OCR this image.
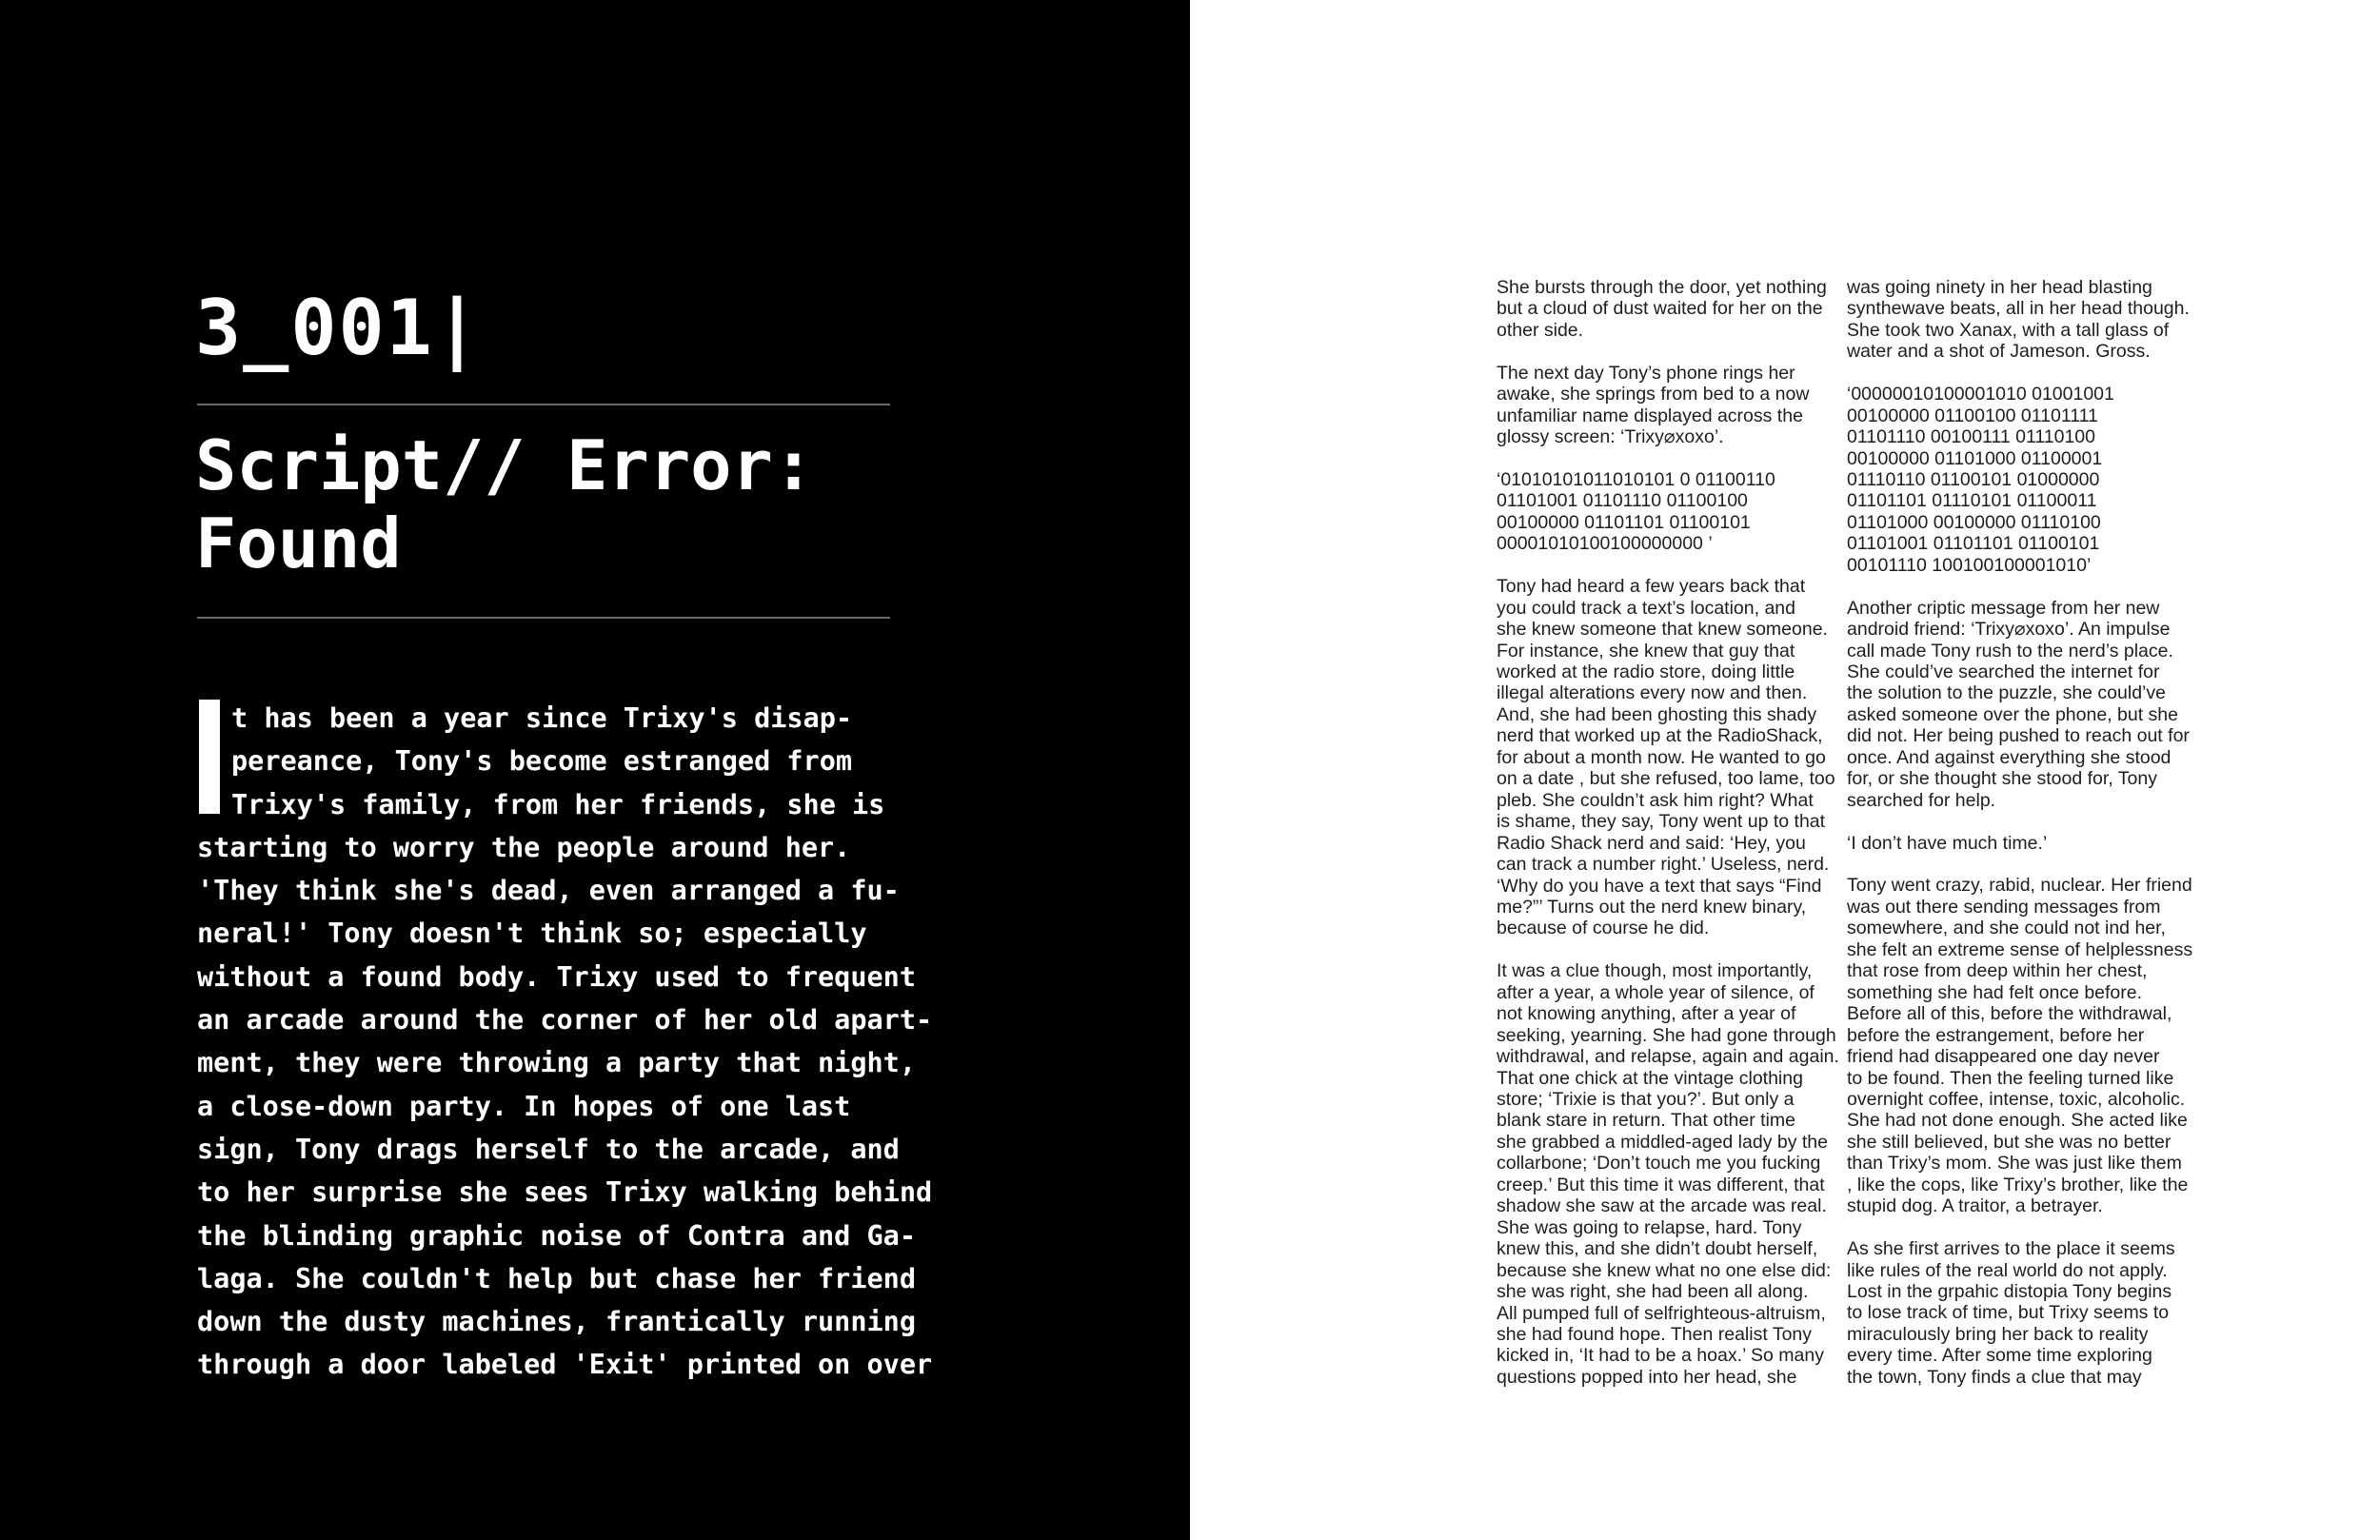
3_001|
Script// Error:
Found
t has been a year since Trixy's disap-
pereance, Tony's become estranged from
Trixy's family, from her friends, she is
starting to worry the people around her.
'They think she's dead, even arranged a fu-
neral!' Tony doesn't think so; especially
without a found body. Trixy used to frequent
an arcade around the corner of her old apart-
ment, they were throwing a party that night,
a close-down party. In hopes of one last
sign, Tony drags herself to the arcade, and
to her surprise she sees Trixy walking behind
the blinding graphic noise of Contra and Ga-
laga. She couldn't help but chase her friend
down the dusty machines, frantically running
through a door labeled 'Exit' printed on over

She bursts through the door, yet nothing
but a cloud of dust waited for her on the
other side.

The next day Tony’s phone rings her
awake, she springs from bed to a now
unfamiliar name displayed across the
glossy screen: ‘Trixy⌀xoxo’.

‘01010101011010101 0 01100110
01101001 01101110 01100100
00100000 01101101 01100101
00001010100100000000 ’

Tony had heard a few years back that
you could track a text’s location, and
she knew someone that knew someone.
For instance, she knew that guy that
worked at the radio store, doing little
illegal alterations every now and then.
And, she had been ghosting this shady
nerd that worked up at the RadioShack,
for about a month now. He wanted to go
on a date , but she refused, too lame, too
pleb. She couldn’t ask him right? What
is shame, they say, Tony went up to that
Radio Shack nerd and said: ‘Hey, you
can track a number right.’ Useless, nerd.
‘Why do you have a text that says “Find
me?”’ Turns out the nerd knew binary,
because of course he did.

It was a clue though, most importantly,
after a year, a whole year of silence, of
not knowing anything, after a year of
seeking, yearning. She had gone through
withdrawal, and relapse, again and again.
That one chick at the vintage clothing
store; ‘Trixie is that you?’. But only a
blank stare in return. That other time
she grabbed a middled-aged lady by the
collarbone; ‘Don’t touch me you fucking
creep.’ But this time it was different, that
shadow she saw at the arcade was real.
She was going to relapse, hard. Tony
knew this, and she didn’t doubt herself,
because she knew what no one else did:
she was right, she had been all along.
All pumped full of selfrighteous-altruism,
she had found hope. Then realist Tony
kicked in, ‘It had to be a hoax.’ So many
questions popped into her head, she

was going ninety in her head blasting
synthewave beats, all in her head though.
She took two Xanax, with a tall glass of
water and a shot of Jameson. Gross.

‘00000010100001010 01001001
00100000 01100100 01101111
01101110 00100111 01110100
00100000 01101000 01100001
01110110 01100101 01000000
01101101 01110101 01100011
01101000 00100000 01110100
01101001 01101101 01100101
00101110 100100100001010’

Another criptic message from her new
android friend: ‘Trixy⌀xoxo’. An impulse
call made Tony rush to the nerd’s place.
She could’ve searched the internet for
the solution to the puzzle, she could’ve
asked someone over the phone, but she
did not. Her being pushed to reach out for
once. And against everything she stood
for, or she thought she stood for, Tony
searched for help.

‘I don’t have much time.’

Tony went crazy, rabid, nuclear. Her friend
was out there sending messages from
somewhere, and she could not ind her,
she felt an extreme sense of helplessness
that rose from deep within her chest,
something she had felt once before.
Before all of this, before the withdrawal,
before the estrangement, before her
friend had disappeared one day never
to be found. Then the feeling turned like
overnight coffee, intense, toxic, alcoholic.
She had not done enough. She acted like
she still believed, but she was no better
than Trixy’s mom. She was just like them
, like the cops, like Trixy’s brother, like the
stupid dog. A traitor, a betrayer.

As she first arrives to the place it seems
like rules of the real world do not apply.
Lost in the grpahic distopia Tony begins
to lose track of time, but Trixy seems to
miraculously bring her back to reality
every time. After some time exploring
the town, Tony finds a clue that may
